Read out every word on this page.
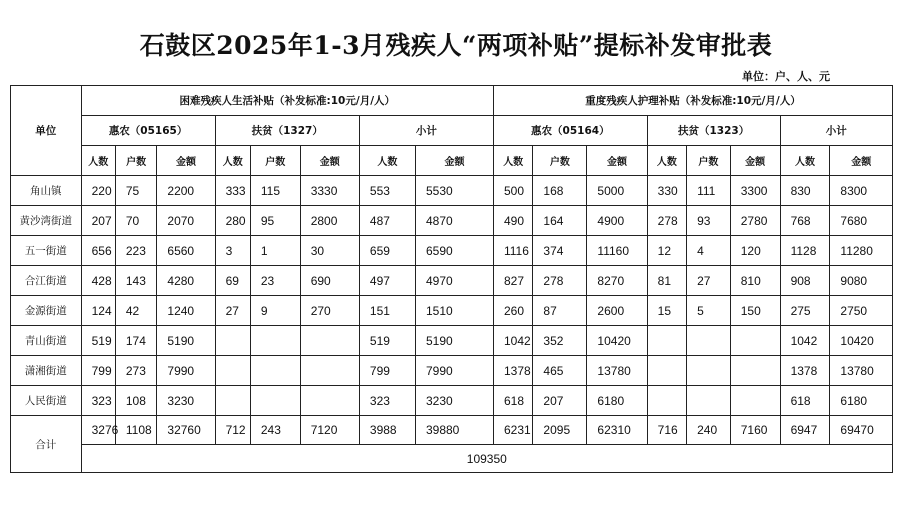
石鼓区2025年1-3月残疾人“两项补贴”提标补发审批表
单位：户、人、元
单位	困难残疾人生活补贴（补发标准:10元/月/人）								重度残疾人护理补贴（补发标准:10元/月/人）							
	惠农（05165）			扶贫（1327）			小计		惠农（05164）			扶贫（1323）			小计	
	人数	户数	金额	人数	户数	金额	人数	金额	人数	户数	金额	人数	户数	金额	人数	金额
角山镇	220	75	2200	333	115	3330	553	5530	500	168	5000	330	111	3300	830	8300
黄沙湾街道	207	70	2070	280	95	2800	487	4870	490	164	4900	278	93	2780	768	7680
五一街道	656	223	6560	3	1	30	659	6590	1116	374	11160	12	4	120	1128	11280
合江街道	428	143	4280	69	23	690	497	4970	827	278	8270	81	27	810	908	9080
金源街道	124	42	1240	27	9	270	151	1510	260	87	2600	15	5	150	275	2750
青山街道	519	174	5190				519	5190	1042	352	10420				1042	10420
潇湘街道	799	273	7990				799	7990	1378	465	13780				1378	13780
人民街道	323	108	3230				323	3230	618	207	6180				618	6180
合计	3276	1108	32760	712	243	7120	3988	39880	6231	2095	62310	716	240	7160	6947	69470
	109350															
